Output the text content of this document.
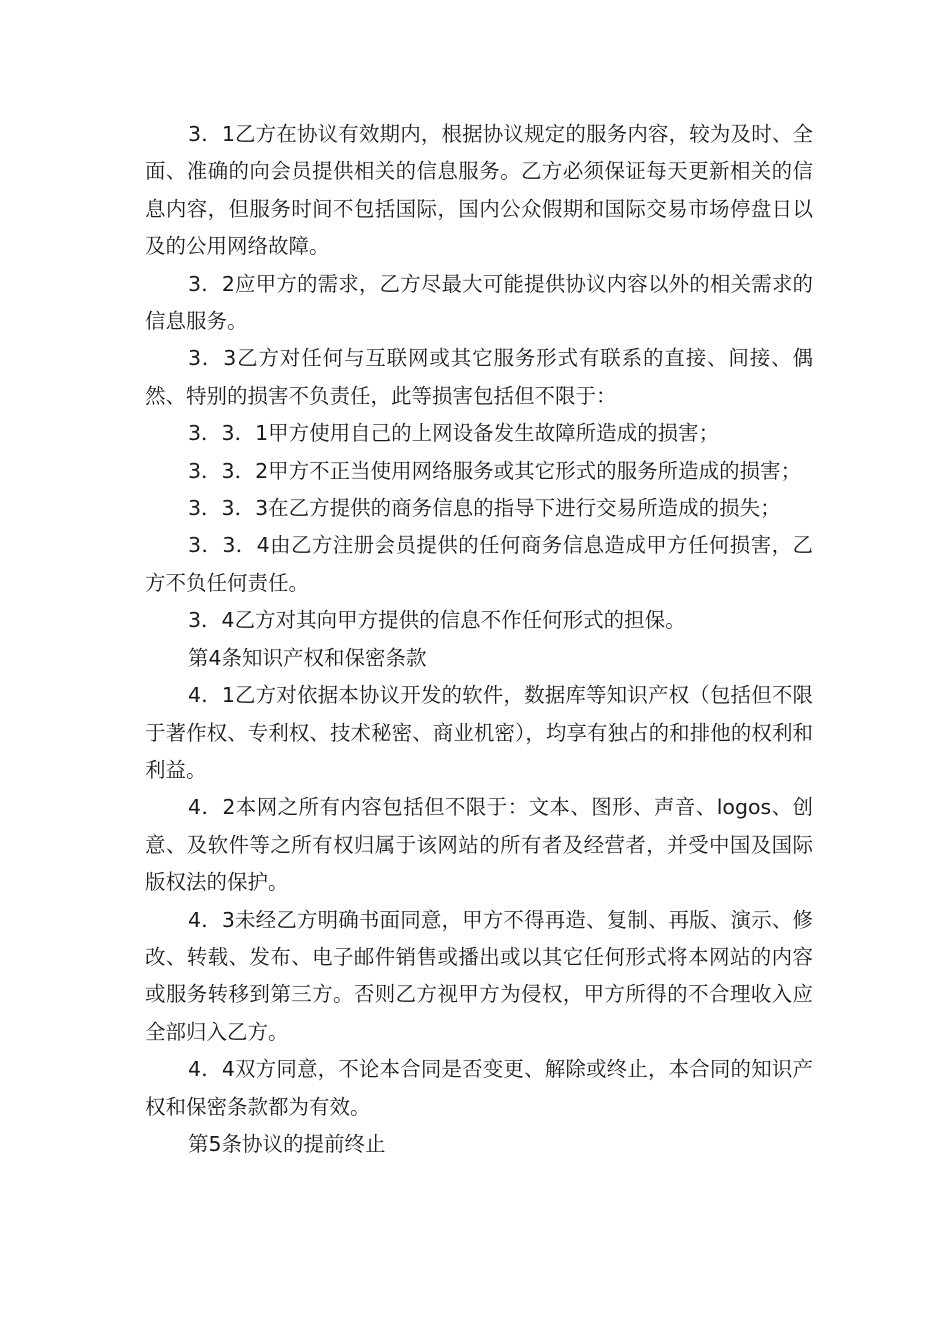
3．1乙方在协议有效期内，根据协议规定的服务内容，较为及时、全面、准确的向会员提供相关的信息服务。乙方必须保证每天更新相关的信息内容，但服务时间不包括国际，国内公众假期和国际交易市场停盘日以及的公用网络故障。

3．2应甲方的需求，乙方尽最大可能提供协议内容以外的相关需求的信息服务。

3．3乙方对任何与互联网或其它服务形式有联系的直接、间接、偶然、特别的损害不负责任，此等损害包括但不限于：

3．3．1甲方使用自己的上网设备发生故障所造成的损害；

3．3．2甲方不正当使用网络服务或其它形式的服务所造成的损害；

3．3．3在乙方提供的商务信息的指导下进行交易所造成的损失；

3．3．4由乙方注册会员提供的任何商务信息造成甲方任何损害，乙方不负任何责任。

3．4乙方对其向甲方提供的信息不作任何形式的担保。

第4条知识产权和保密条款

4．1乙方对依据本协议开发的软件，数据库等知识产权（包括但不限于著作权、专利权、技术秘密、商业机密），均享有独占的和排他的权利和利益。

4．2本网之所有内容包括但不限于：文本、图形、声音、logos、创意、及软件等之所有权归属于该网站的所有者及经营者，并受中国及国际版权法的保护。

4．3未经乙方明确书面同意，甲方不得再造、复制、再版、演示、修改、转载、发布、电子邮件销售或播出或以其它任何形式将本网站的内容或服务转移到第三方。否则乙方视甲方为侵权，甲方所得的不合理收入应全部归入乙方。

4．4双方同意，不论本合同是否变更、解除或终止，本合同的知识产权和保密条款都为有效。

第5条协议的提前终止
